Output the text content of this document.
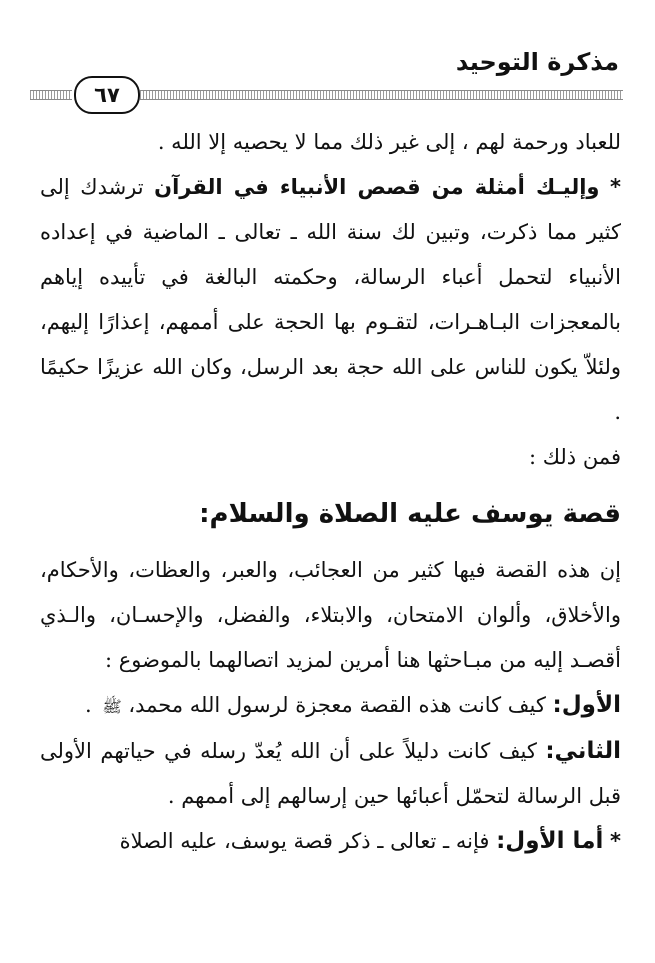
مذكرة التوحيد
٦٧

للعباد ورحمة لهم ، إلى غير ذلك مما لا يحصيه إلا الله .

* وإليـك أمثلة من قصص الأنبياء في القرآن ترشدك إلى كثير مما ذكرت، وتبين لك سنة الله ـ تعالى ـ الماضية في إعداده الأنبياء لتحمل أعباء الرسالة، وحكمته البالغة في تأييده إياهم بالمعجزات البـاهـرات، لتقـوم بها الحجة على أممهم، إعذارًا إليهم، ولئلاّ يكون للناس على الله حجة بعد الرسل، وكان الله عزيزًا حكيمًا .

فمن ذلك :

قصة يوسف عليه الصلاة والسلام:

إن هذه القصة فيها كثير من العجائب، والعبر، والعظات، والأحكام، والأخلاق، وألوان الامتحان، والابتلاء، والفضل، والإحسـان، والـذي أقصـد إليه من مبـاحثها هنا أمرين لمزيد اتصالهما بالموضوع :

الأول: كيف كانت هذه القصة معجزة لرسول الله محمد، ﷺ .

الثاني: كيف كانت دليلاً على أن الله يُعدّ رسله في حياتهم الأولى قبل الرسالة لتحمّل أعبائها حين إرسالهم إلى أممهم .

* أما الأول: فإنه ـ تعالى ـ ذكر قصة يوسف، عليه الصلاة
